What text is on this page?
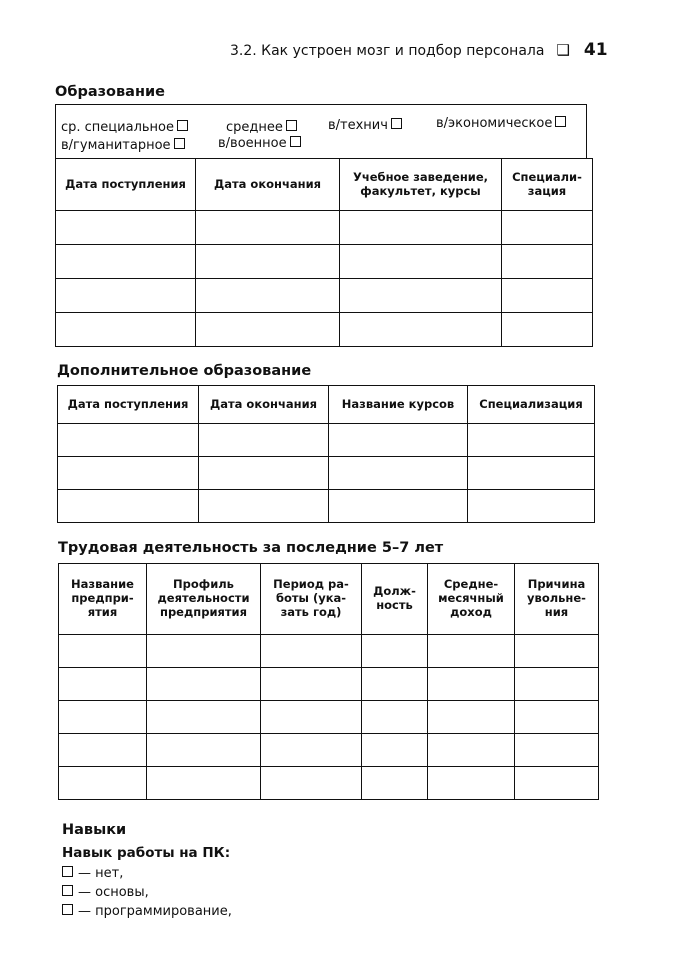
3.2. Как устроен мозг и подбор персонала ❑ 41
Образование
ср. специальное	среднее	в/технич	в/экономическое
в/гуманитарное	в/военное
Дата поступления	Дата окончания	Учебное заведение, факультет, курсы	Специали-зация

Дополнительное образование
Дата поступления	Дата окончания	Название курсов	Специализация

Трудовая деятельность за последние 5–7 лет
Название предпри-ятия	Профиль деятельности предприятия	Период ра-боты (ука-зать год)	Долж-ность	Средне-месячный доход	Причина увольне-ния

Навыки
Навык работы на ПК:
— нет,
— основы,
— программирование,
